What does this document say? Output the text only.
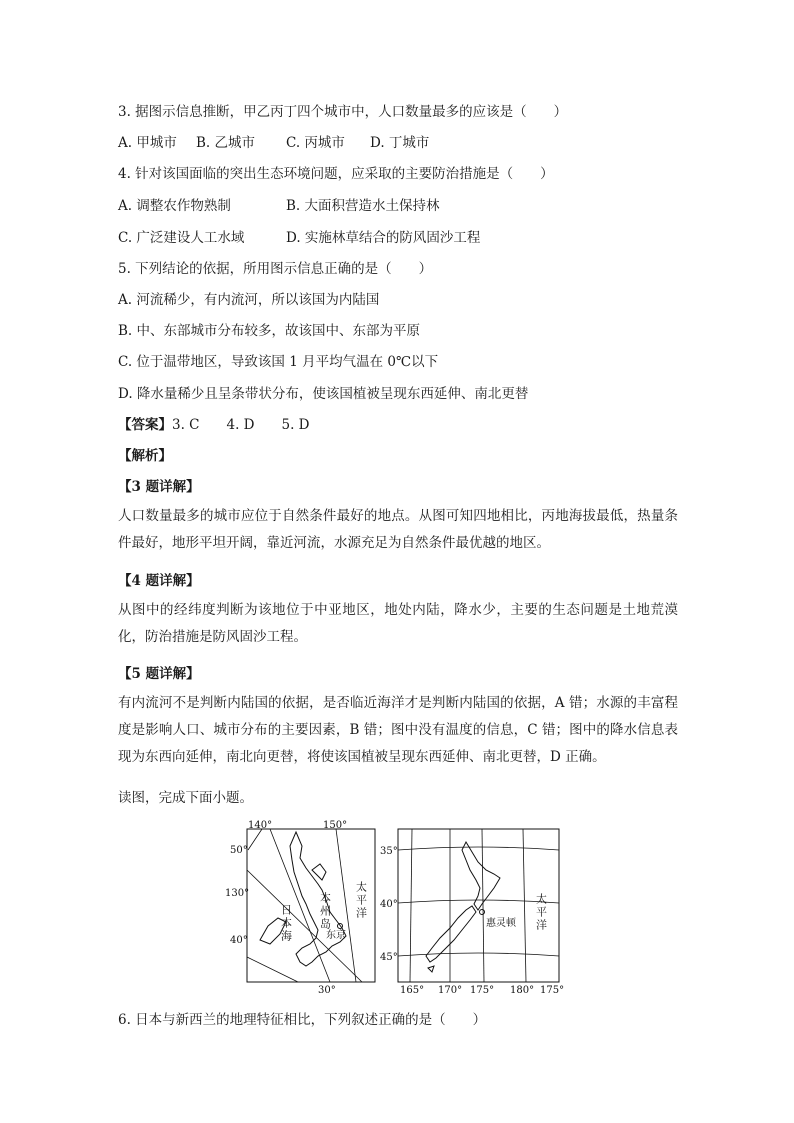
3. 据图示信息推断，甲乙丙丁四个城市中，人口数量最多的应该是（　　）
A. 甲城市 B. 乙城市 C. 丙城市 D. 丁城市
4. 针对该国面临的突出生态环境问题，应采取的主要防治措施是（　　）
A. 调整农作物熟制	B. 大面积营造水土保持林
C. 广泛建设人工水域	D. 实施林草结合的防风固沙工程
5. 下列结论的依据，所用图示信息正确的是（　　）
A. 河流稀少，有内流河，所以该国为内陆国
B. 中、东部城市分布较多，故该国中、东部为平原
C. 位于温带地区，导致该国 1 月平均气温在 0℃以下
D. 降水量稀少且呈条带状分布，使该国植被呈现东西延伸、南北更替
【答案】3. C　　4. D　　5. D
【解析】
【3 题详解】
人口数量最多的城市应位于自然条件最好的地点。从图可知四地相比，丙地海拔最低，热量条件最好，地形平坦开阔，靠近河流，水源充足为自然条件最优越的地区。
【4 题详解】
从图中的经纬度判断为该地位于中亚地区，地处内陆，降水少，主要的生态问题是土地荒漠化，防治措施是防风固沙工程。
【5 题详解】
有内流河不是判断内陆国的依据，是否临近海洋才是判断内陆国的依据，A 错；水源的丰富程度是影响人口、城市分布的主要因素，B 错；图中没有温度的信息，C 错；图中的降水信息表现为东西向延伸，南北向更替，将使该国植被呈现东西延伸、南北更替，D 正确。
读图，完成下面小题。
140°	150°
50°
130°
40°
30°
日本海 本州岛
东京
太平洋
35°
40°
45°
165° 170° 175° 180° 175°
惠灵顿 太平洋
6. 日本与新西兰的地理特征相比，下列叙述正确的是（　　）
